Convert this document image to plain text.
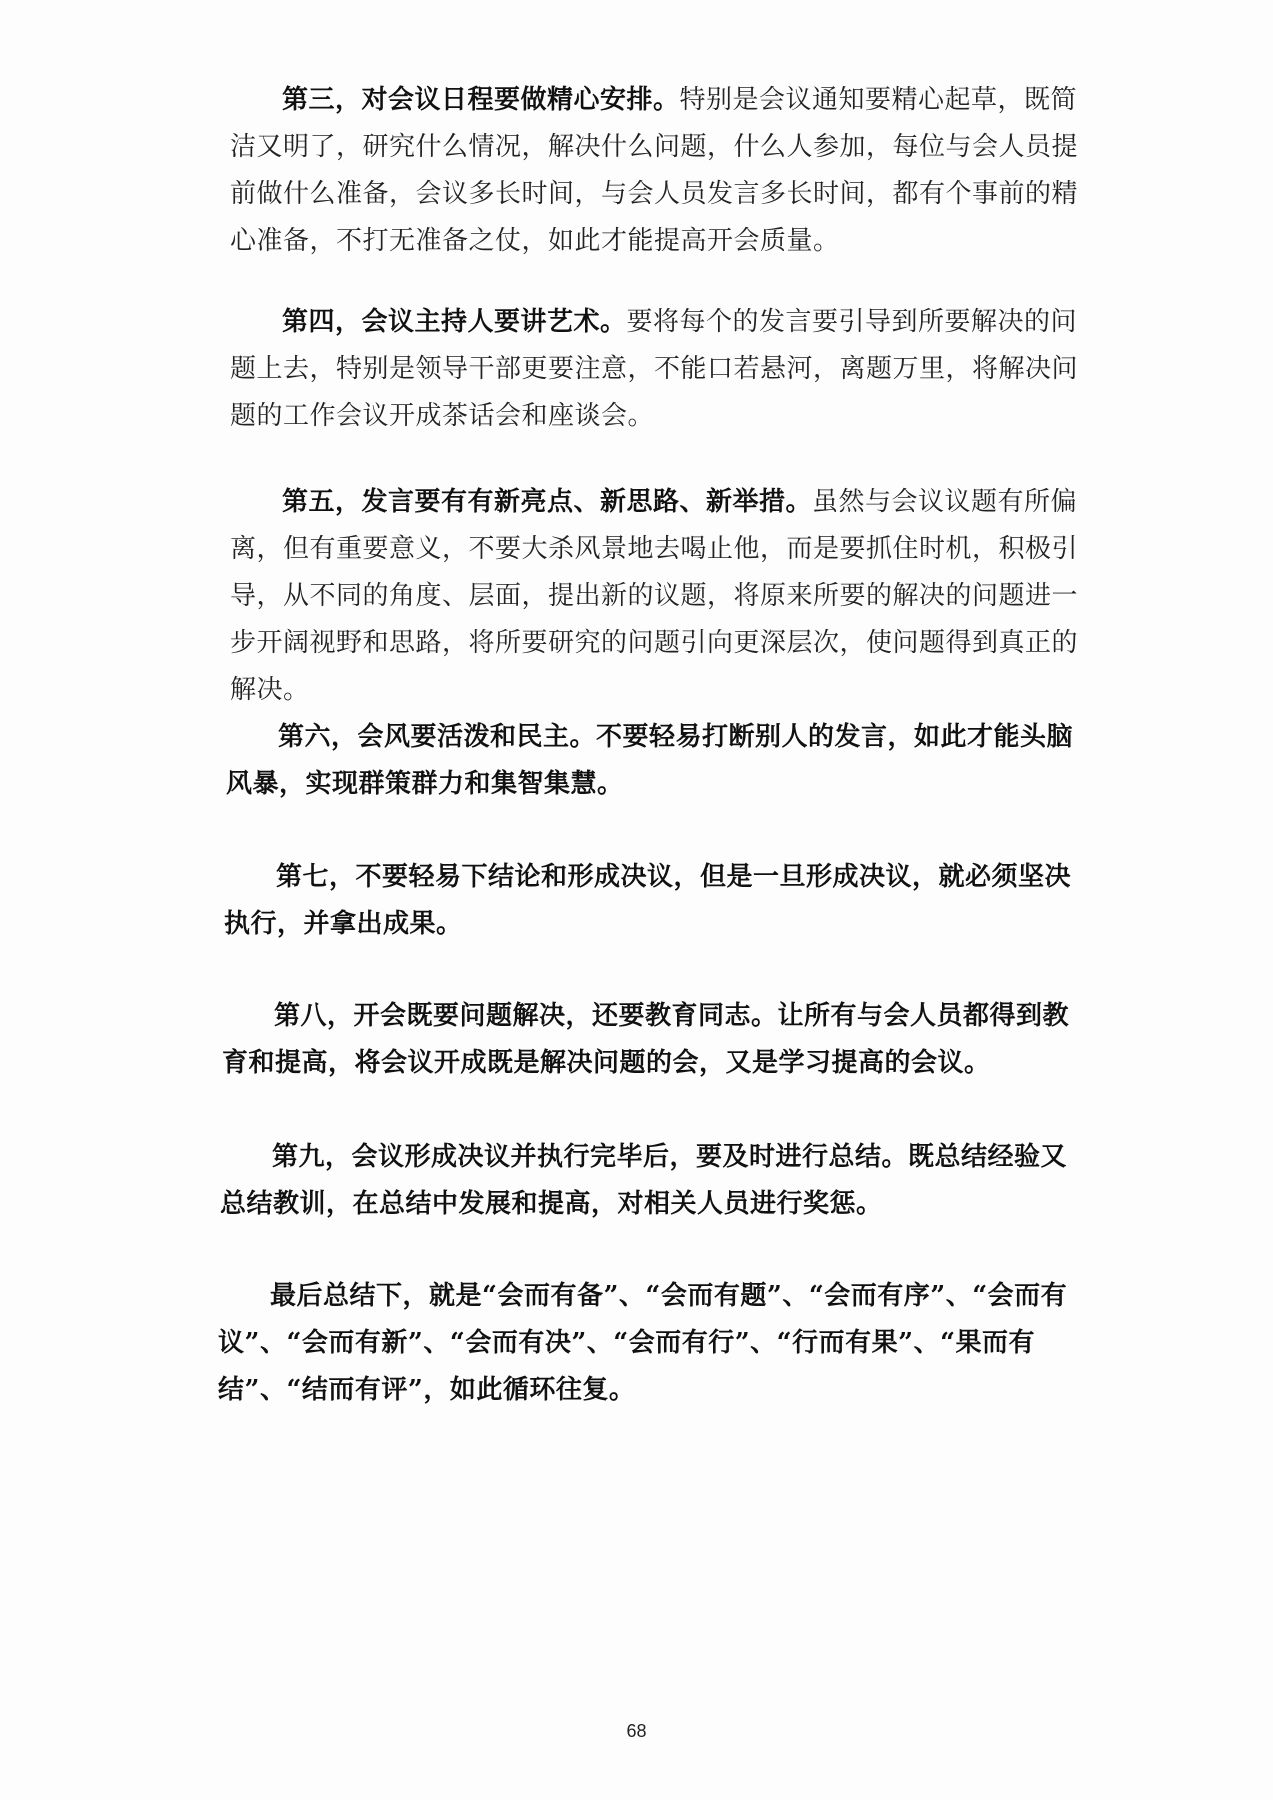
第三，对会议日程要做精心安排。特别是会议通知要精心起草，既简洁又明了，研究什么情况，解决什么问题，什么人参加，每位与会人员提前做什么准备，会议多长时间，与会人员发言多长时间，都有个事前的精心准备，不打无准备之仗，如此才能提高开会质量。

第四，会议主持人要讲艺术。要将每个的发言要引导到所要解决的问题上去，特别是领导干部更要注意，不能口若悬河，离题万里，将解决问题的工作会议开成茶话会和座谈会。

第五，发言要有有新亮点、新思路、新举措。虽然与会议议题有所偏离，但有重要意义，不要大杀风景地去喝止他，而是要抓住时机，积极引导，从不同的角度、层面，提出新的议题，将原来所要的解决的问题进一步开阔视野和思路，将所要研究的问题引向更深层次，使问题得到真正的解决。

第六，会风要活泼和民主。不要轻易打断别人的发言，如此才能头脑风暴，实现群策群力和集智集慧。

第七，不要轻易下结论和形成决议，但是一旦形成决议，就必须坚决执行，并拿出成果。

第八，开会既要问题解决，还要教育同志。让所有与会人员都得到教育和提高，将会议开成既是解决问题的会，又是学习提高的会议。

第九，会议形成决议并执行完毕后，要及时进行总结。既总结经验又总结教训，在总结中发展和提高，对相关人员进行奖惩。

最后总结下，就是“会而有备”、“会而有题”、“会而有序”、“会而有议”、“会而有新”、“会而有决”、“会而有行”、“行而有果”、“果而有结”、“结而有评”，如此循环往复。

68
